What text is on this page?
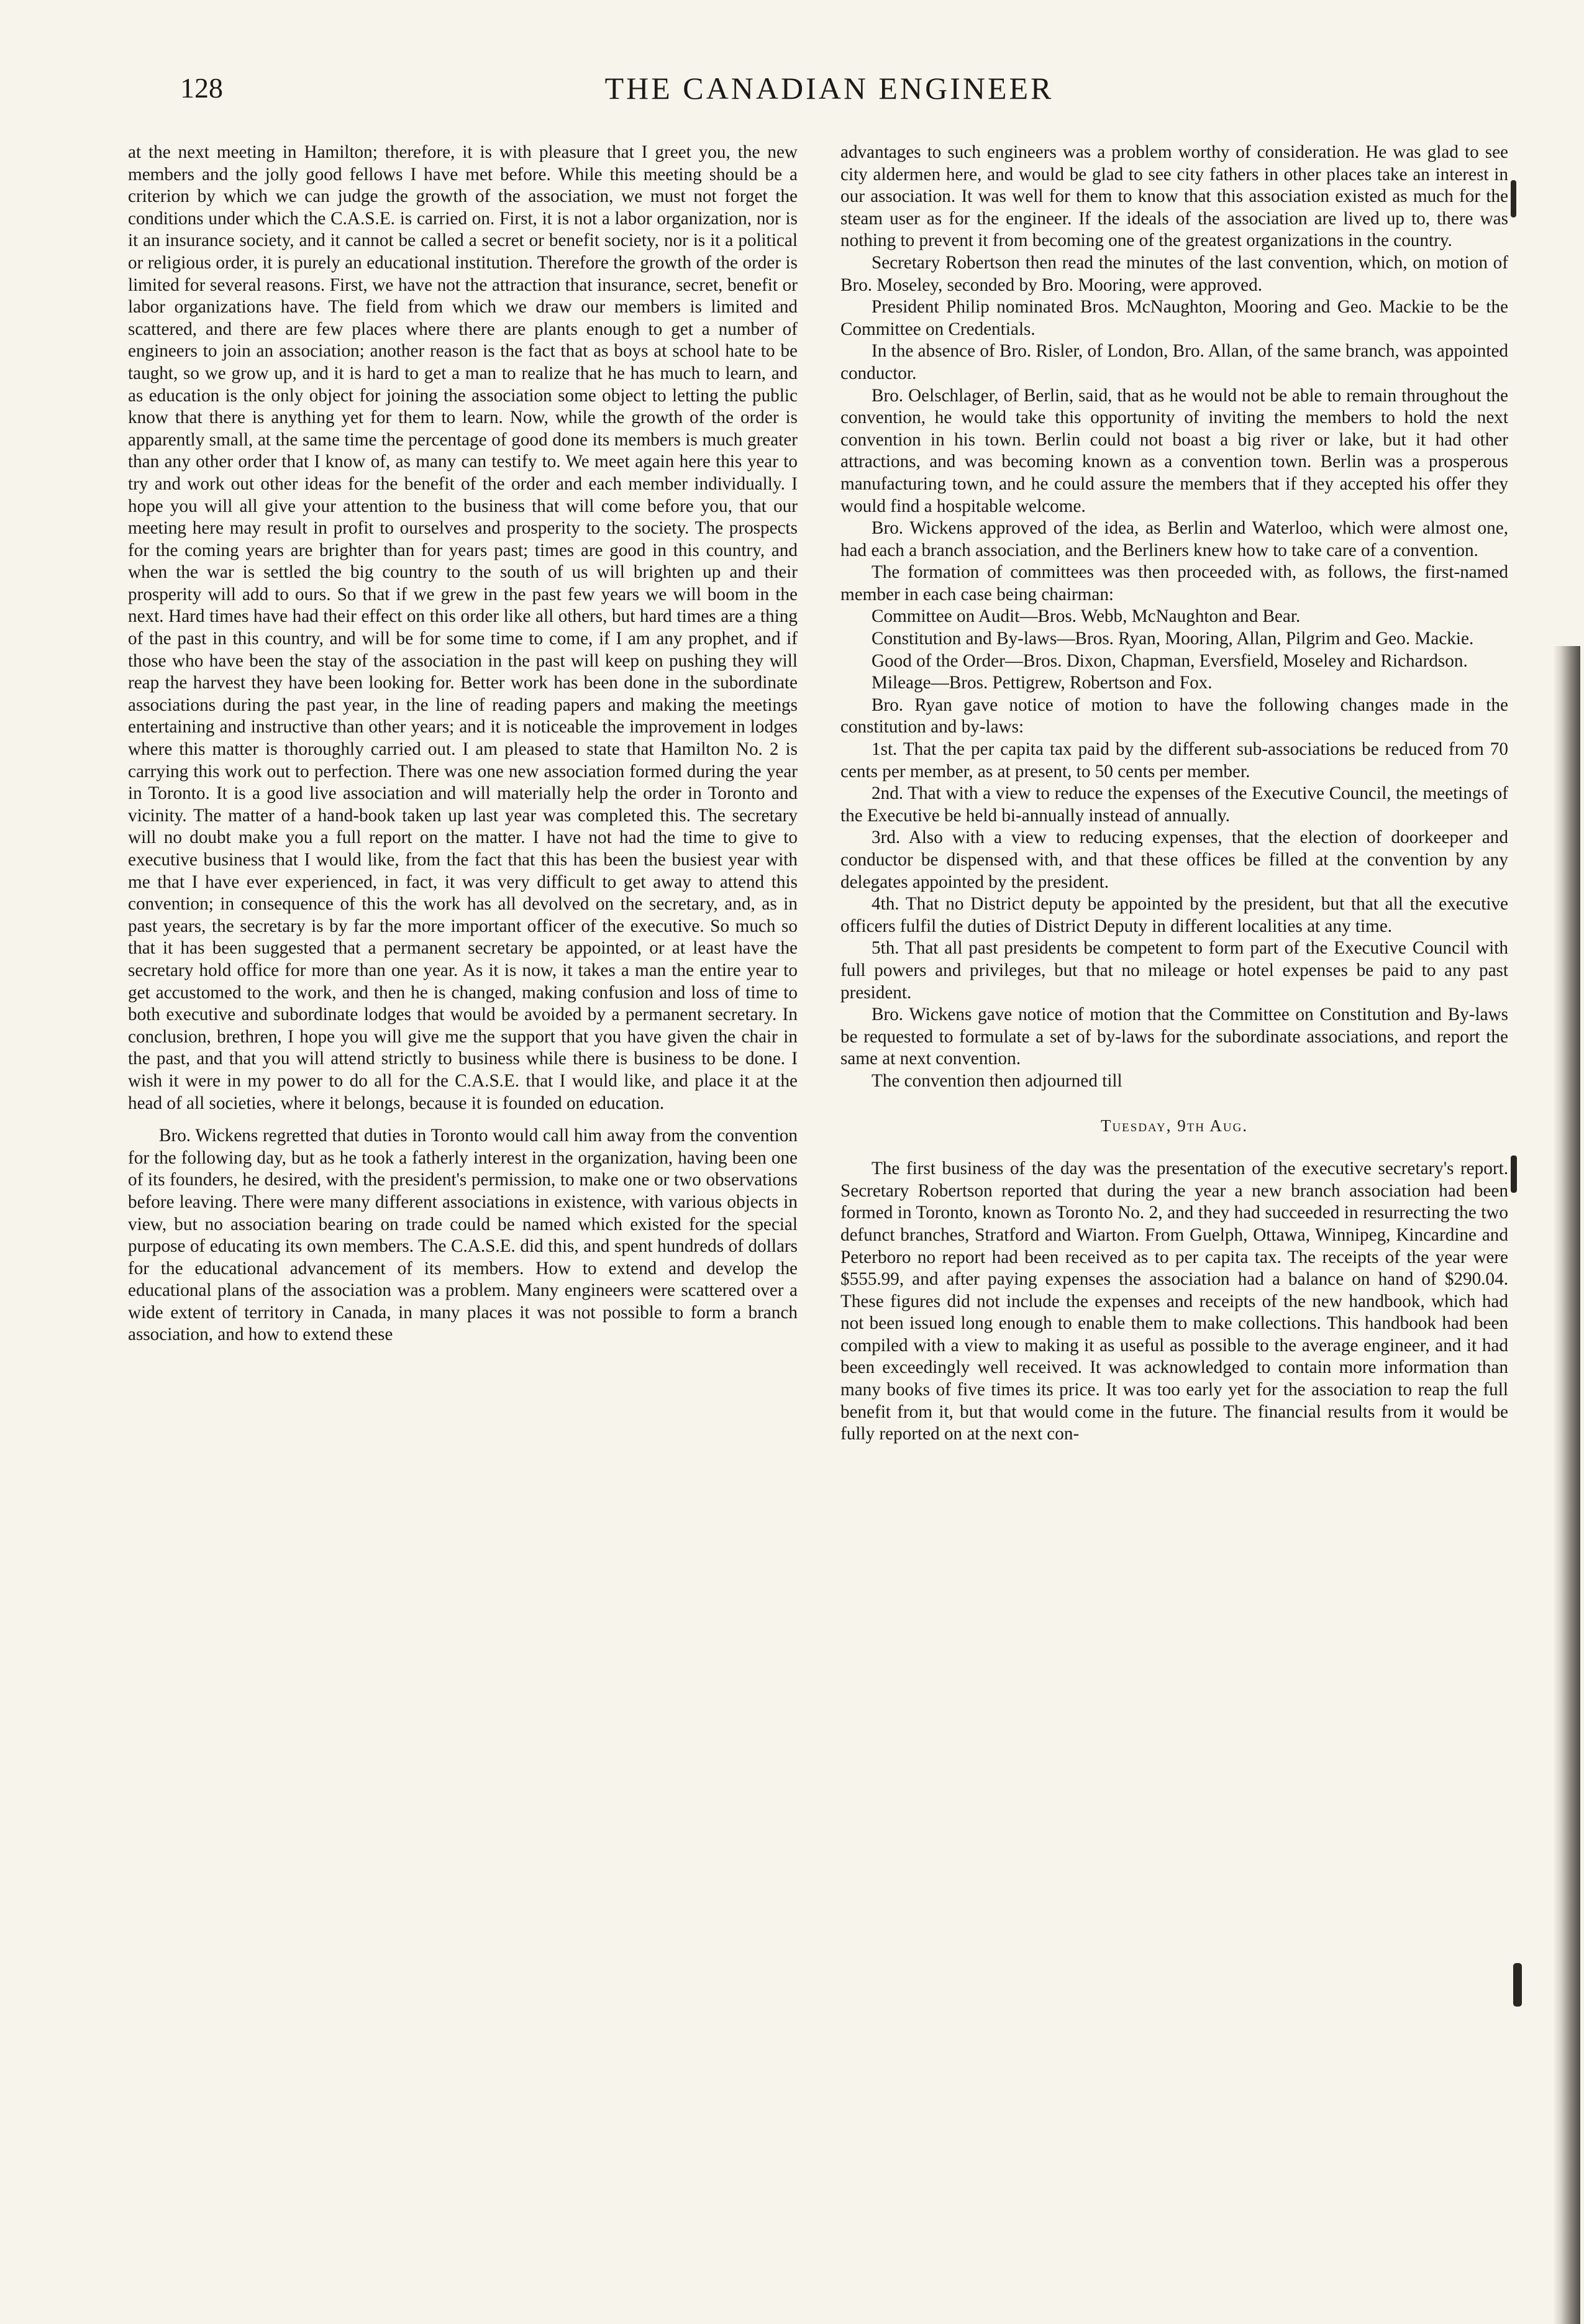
128	THE CANADIAN ENGINEER

at the next meeting in Hamilton; therefore, it is with pleasure that I greet you, the new members and the jolly good fellows I have met before. While this meeting should be a criterion by which we can judge the growth of the association, we must not forget the conditions under which the C.A.S.E. is carried on. First, it is not a labor organization, nor is it an insurance society, and it cannot be called a secret or benefit society, nor is it a political or religious order, it is purely an educational institution. Therefore the growth of the order is limited for several reasons. First, we have not the attraction that insurance, secret, benefit or labor organizations have. The field from which we draw our members is limited and scattered, and there are few places where there are plants enough to get a number of engineers to join an association; another reason is the fact that as boys at school hate to be taught, so we grow up, and it is hard to get a man to realize that he has much to learn, and as education is the only object for joining the association some object to letting the public know that there is anything yet for them to learn. Now, while the growth of the order is apparently small, at the same time the percentage of good done its members is much greater than any other order that I know of, as many can testify to. We meet again here this year to try and work out other ideas for the benefit of the order and each member individually. I hope you will all give your attention to the business that will come before you, that our meeting here may result in profit to ourselves and prosperity to the society. The prospects for the coming years are brighter than for years past; times are good in this country, and when the war is settled the big country to the south of us will brighten up and their prosperity will add to ours. So that if we grew in the past few years we will boom in the next. Hard times have had their effect on this order like all others, but hard times are a thing of the past in this country, and will be for some time to come, if I am any prophet, and if those who have been the stay of the association in the past will keep on pushing they will reap the harvest they have been looking for. Better work has been done in the subordinate associations during the past year, in the line of reading papers and making the meetings entertaining and instructive than other years; and it is noticeable the improvement in lodges where this matter is thoroughly carried out. I am pleased to state that Hamilton No. 2 is carrying this work out to perfection. There was one new association formed during the year in Toronto. It is a good live association and will materially help the order in Toronto and vicinity. The matter of a hand-book taken up last year was completed this. The secretary will no doubt make you a full report on the matter. I have not had the time to give to executive business that I would like, from the fact that this has been the busiest year with me that I have ever experienced, in fact, it was very difficult to get away to attend this convention; in consequence of this the work has all devolved on the secretary, and, as in past years, the secretary is by far the more important officer of the executive. So much so that it has been suggested that a permanent secretary be appointed, or at least have the secretary hold office for more than one year. As it is now, it takes a man the entire year to get accustomed to the work, and then he is changed, making confusion and loss of time to both executive and subordinate lodges that would be avoided by a permanent secretary. In conclusion, brethren, I hope you will give me the support that you have given the chair in the past, and that you will attend strictly to business while there is business to be done. I wish it were in my power to do all for the C.A.S.E. that I would like, and place it at the head of all societies, where it belongs, because it is founded on education.

Bro. Wickens regretted that duties in Toronto would call him away from the convention for the following day, but as he took a fatherly interest in the organization, having been one of its founders, he desired, with the president's permission, to make one or two observations before leaving. There were many different associations in existence, with various objects in view, but no association bearing on trade could be named which existed for the special purpose of educating its own members. The C.A.S.E. did this, and spent hundreds of dollars for the educational advancement of its members. How to extend and develop the educational plans of the association was a problem. Many engineers were scattered over a wide extent of territory in Canada, in many places it was not possible to form a branch association, and how to extend these

advantages to such engineers was a problem worthy of consideration. He was glad to see city aldermen here, and would be glad to see city fathers in other places take an interest in our association. It was well for them to know that this association existed as much for the steam user as for the engineer. If the ideals of the association are lived up to, there was nothing to prevent it from becoming one of the greatest organizations in the country.

Secretary Robertson then read the minutes of the last convention, which, on motion of Bro. Moseley, seconded by Bro. Mooring, were approved.

President Philip nominated Bros. McNaughton, Mooring and Geo. Mackie to be the Committee on Credentials.

In the absence of Bro. Risler, of London, Bro. Allan, of the same branch, was appointed conductor.

Bro. Oelschlager, of Berlin, said, that as he would not be able to remain throughout the convention, he would take this opportunity of inviting the members to hold the next convention in his town. Berlin could not boast a big river or lake, but it had other attractions, and was becoming known as a convention town. Berlin was a prosperous manufacturing town, and he could assure the members that if they accepted his offer they would find a hospitable welcome.

Bro. Wickens approved of the idea, as Berlin and Waterloo, which were almost one, had each a branch association, and the Berliners knew how to take care of a convention.

The formation of committees was then proceeded with, as follows, the first-named member in each case being chairman:

Committee on Audit—Bros. Webb, McNaughton and Bear.

Constitution and By-laws—Bros. Ryan, Mooring, Allan, Pilgrim and Geo. Mackie.

Good of the Order—Bros. Dixon, Chapman, Eversfield, Moseley and Richardson.

Mileage—Bros. Pettigrew, Robertson and Fox.

Bro. Ryan gave notice of motion to have the following changes made in the constitution and by-laws:

1st. That the per capita tax paid by the different sub-associations be reduced from 70 cents per member, as at present, to 50 cents per member.

2nd. That with a view to reduce the expenses of the Executive Council, the meetings of the Executive be held bi-annually instead of annually.

3rd. Also with a view to reducing expenses, that the election of doorkeeper and conductor be dispensed with, and that these offices be filled at the convention by any delegates appointed by the president.

4th. That no District deputy be appointed by the president, but that all the executive officers fulfil the duties of District Deputy in different localities at any time.

5th. That all past presidents be competent to form part of the Executive Council with full powers and privileges, but that no mileage or hotel expenses be paid to any past president.

Bro. Wickens gave notice of motion that the Committee on Constitution and By-laws be requested to formulate a set of by-laws for the subordinate associations, and report the same at next convention.

The convention then adjourned till

Tuesday, 9th Aug.

The first business of the day was the presentation of the executive secretary's report. Secretary Robertson reported that during the year a new branch association had been formed in Toronto, known as Toronto No. 2, and they had succeeded in resurrecting the two defunct branches, Stratford and Wiarton. From Guelph, Ottawa, Winnipeg, Kincardine and Peterboro no report had been received as to per capita tax. The receipts of the year were $555.99, and after paying expenses the association had a balance on hand of $290.04. These figures did not include the expenses and receipts of the new handbook, which had not been issued long enough to enable them to make collections. This handbook had been compiled with a view to making it as useful as possible to the average engineer, and it had been exceedingly well received. It was acknowledged to contain more information than many books of five times its price. It was too early yet for the association to reap the full benefit from it, but that would come in the future. The financial results from it would be fully reported on at the next con-
